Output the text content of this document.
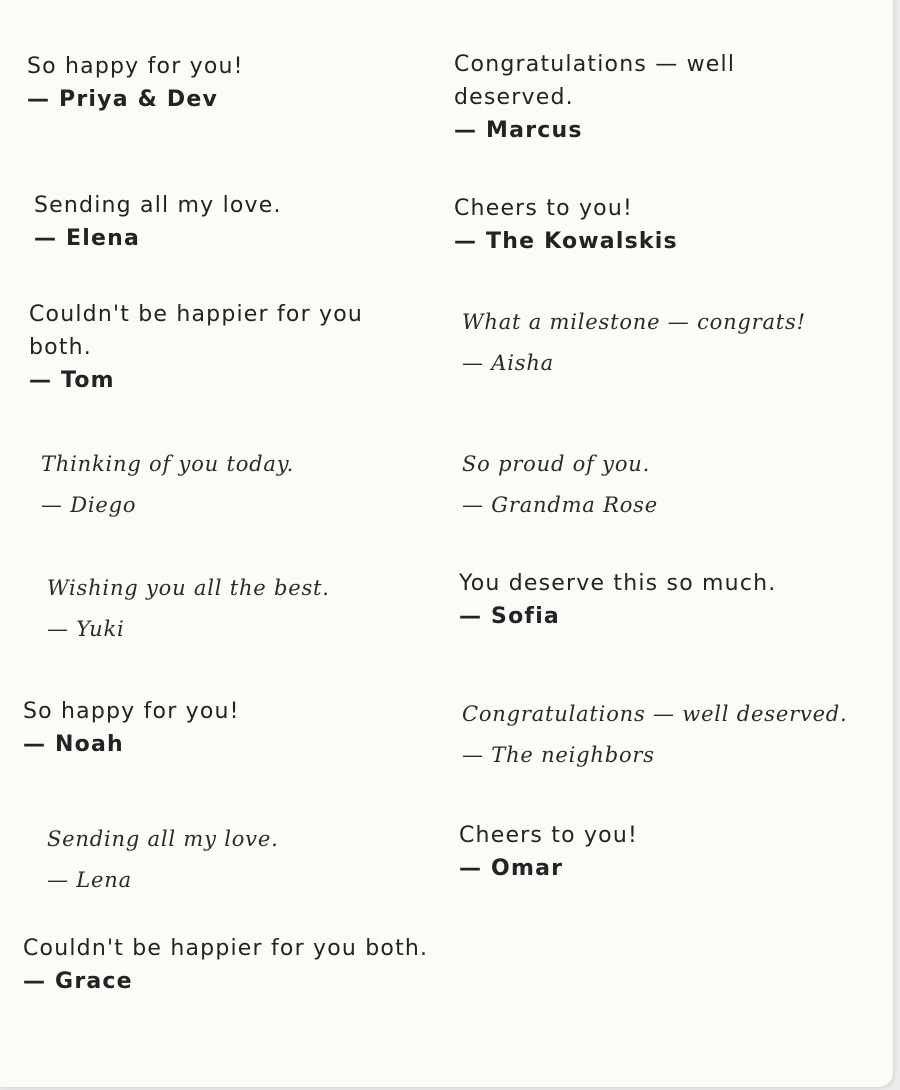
So happy for you!
— Priya & Dev
Congratulations — well deserved.
— Marcus
Sending all my love.
— Elena
Cheers to you!
— The Kowalskis
Couldn't be happier for you both.
— Tom
What a milestone — congrats!
— Aisha
Thinking of you today.
— Diego
So proud of you.
— Grandma Rose
Wishing you all the best.
— Yuki
You deserve this so much.
— Sofia
So happy for you!
— Noah
Congratulations — well deserved.
— The neighbors
Sending all my love.
— Lena
Cheers to you!
— Omar
Couldn't be happier for you both.
— Grace
